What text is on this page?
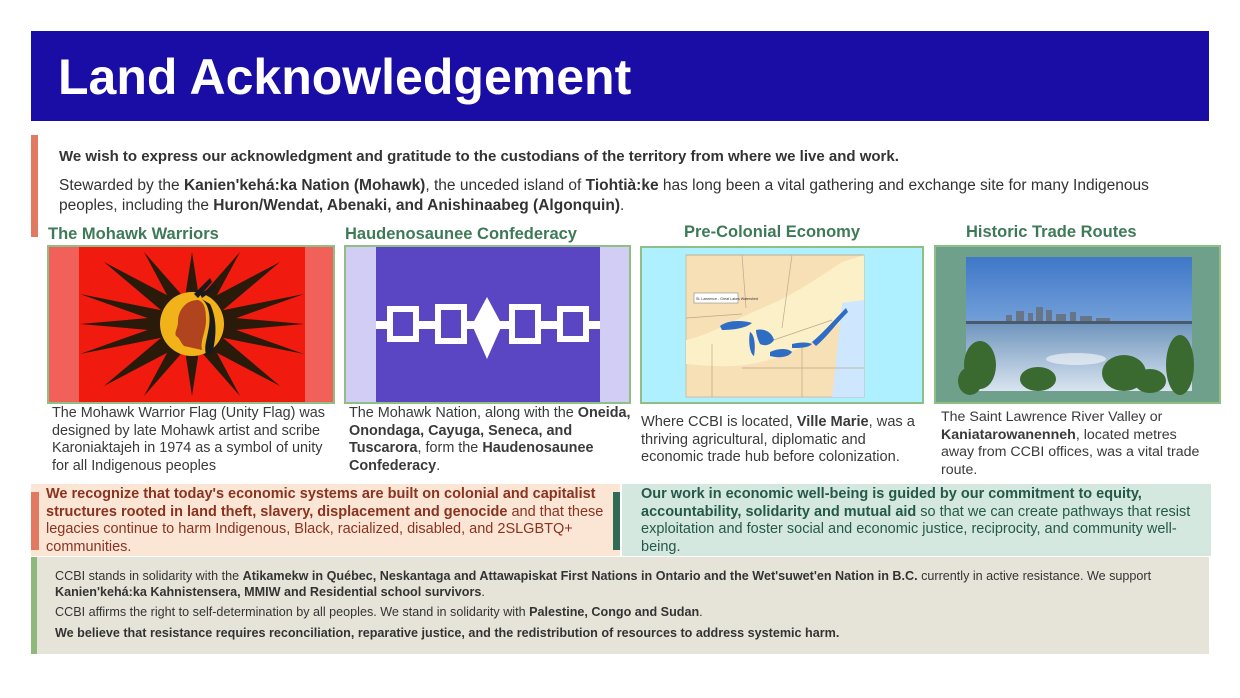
Land Acknowledgement

We wish to express our acknowledgment and gratitude to the custodians of the territory from where we live and work.

Stewarded by the Kanien'kehá:ka Nation (Mohawk), the unceded island of Tiohtià:ke has long been a vital gathering and exchange site for many Indigenous peoples, including the Huron/Wendat, Abenaki, and Anishinaabeg (Algonquin).

The Mohawk Warriors	Haudenosaunee Confederacy	Pre-Colonial Economy	Historic Trade Routes
St. Lawrence - Great Lakes Watershed

The Mohawk Warrior Flag (Unity Flag) was designed by late Mohawk artist and scribe Karoniaktajeh in 1974 as a symbol of unity for all Indigenous peoples

The Mohawk Nation, along with the Oneida, Onondaga, Cayuga, Seneca, and Tuscarora, form the Haudenosaunee Confederacy.

Where CCBI is located, Ville Marie, was a thriving agricultural, diplomatic and economic trade hub before colonization.

The Saint Lawrence River Valley or Kaniatarowanenneh, located metres away from CCBI offices, was a vital trade route.

We recognize that today's economic systems are built on colonial and capitalist structures rooted in land theft, slavery, displacement and genocide and that these legacies continue to harm Indigenous, Black, racialized, disabled, and 2SLGBTQ+ communities.

Our work in economic well-being is guided by our commitment to equity, accountability, solidarity and mutual aid so that we can create pathways that resist exploitation and foster social and economic justice, reciprocity, and community well-being.

CCBI stands in solidarity with the Atikamekw in Québec, Neskantaga and Attawapiskat First Nations in Ontario and the Wet'suwet'en Nation in B.C. currently in active resistance. We support Kanien'kehá:ka Kahnistensera, MMIW and Residential school survivors.

CCBI affirms the right to self-determination by all peoples. We stand in solidarity with Palestine, Congo and Sudan.

We believe that resistance requires reconciliation, reparative justice, and the redistribution of resources to address systemic harm.
